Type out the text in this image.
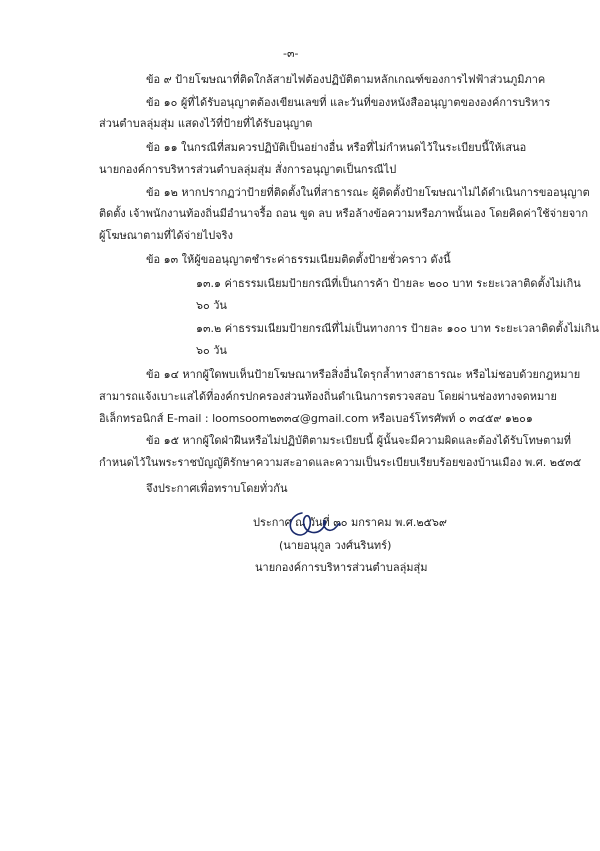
-๓-
ข้อ ๙ ป้ายโฆษณาที่ติดใกล้สายไฟต้องปฏิบัติตามหลักเกณฑ์ของการไฟฟ้าส่วนภูมิภาค
ข้อ ๑๐ ผู้ที่ได้รับอนุญาตต้องเขียนเลขที่ และวันที่ของหนังสืออนุญาตขององค์การบริหาร
ส่วนตำบลลุ่มสุ่ม แสดงไว้ที่ป้ายที่ได้รับอนุญาต
ข้อ ๑๑ ในกรณีที่สมควรปฏิบัติเป็นอย่างอื่น หรือที่ไม่กำหนดไว้ในระเบียบนี้ให้เสนอ
นายกองค์การบริหารส่วนตำบลลุ่มสุ่ม สั่งการอนุญาตเป็นกรณีไป
ข้อ ๑๒ หากปรากฏว่าป้ายที่ติดตั้งในที่สาธารณะ ผู้ติดตั้งป้ายโฆษณาไม่ได้ดำเนินการขออนุญาต
ติดตั้ง เจ้าพนักงานท้องถิ่นมีอำนาจรื้อ ถอน ขูด ลบ หรือล้างข้อความหรือภาพนั้นเอง โดยคิดค่าใช้จ่ายจาก
ผู้โฆษณาตามที่ได้จ่ายไปจริง
ข้อ ๑๓ ให้ผู้ขออนุญาตชำระค่าธรรมเนียมติดตั้งป้ายชั่วคราว ดังนี้
๑๓.๑ ค่าธรรมเนียมป้ายกรณีที่เป็นการค้า ป้ายละ ๒๐๐ บาท ระยะเวลาติดตั้งไม่เกิน
๖๐ วัน
๑๓.๒ ค่าธรรมเนียมป้ายกรณีที่ไม่เป็นทางการ ป้ายละ ๑๐๐ บาท ระยะเวลาติดตั้งไม่เกิน
๖๐ วัน
ข้อ ๑๔ หากผู้ใดพบเห็นป้ายโฆษณาหรือสิ่งอื่นใดรุกล้ำทางสาธารณะ หรือไม่ชอบด้วยกฎหมาย
สามารถแจ้งเบาะแสได้ที่องค์กรปกครองส่วนท้องถิ่นดำเนินการตรวจสอบ โดยผ่านช่องทางจดหมาย
อิเล็กทรอนิกส์ E-mail : loomsoom๒๓๓๔@gmail.com หรือเบอร์โทรศัพท์ ๐ ๓๔๕๙ ๑๒๐๑
ข้อ ๑๕ หากผู้ใดฝ่าฝืนหรือไม่ปฏิบัติตามระเบียบนี้ ผู้นั้นจะมีความผิดและต้องได้รับโทษตามที่
กำหนดไว้ในพระราชบัญญัติรักษาความสะอาดและความเป็นระเบียบเรียบร้อยของบ้านเมือง พ.ศ. ๒๕๓๕
จึงประกาศเพื่อทราบโดยทั่วกัน
ประกาศ ณ วันที่ ๓๐ มกราคม พ.ศ.๒๕๖๙
(นายอนุกูล วงศ์นรินทร์)
นายกองค์การบริหารส่วนตำบลลุ่มสุ่ม
